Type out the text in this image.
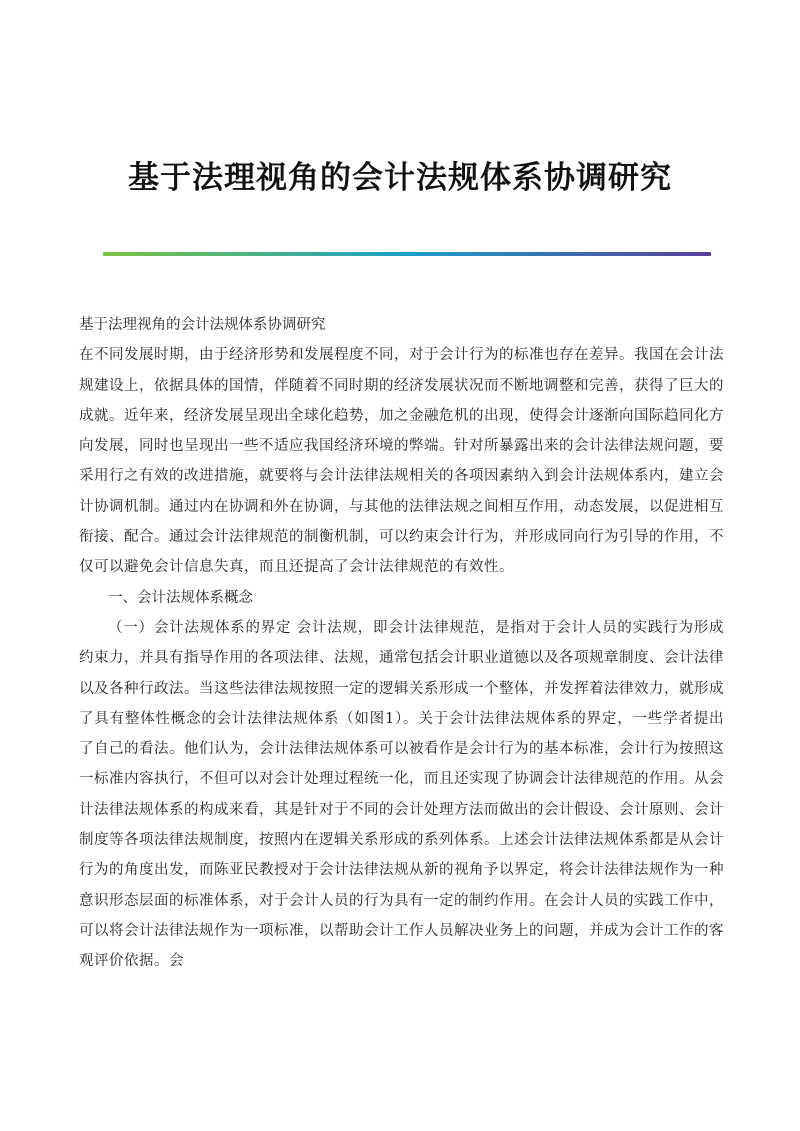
基于法理视角的会计法规体系协调研究

基于法理视角的会计法规体系协调研究

在不同发展时期，由于经济形势和发展程度不同，对于会计行为的标准也存在差异。我国在会计法规建设上，依据具体的国情，伴随着不同时期的经济发展状况而不断地调整和完善，获得了巨大的成就。近年来，经济发展呈现出全球化趋势，加之金融危机的出现，使得会计逐渐向国际趋同化方向发展，同时也呈现出一些不适应我国经济环境的弊端。针对所暴露出来的会计法律法规问题，要采用行之有效的改进措施，就要将与会计法律法规相关的各项因素纳入到会计法规体系内，建立会计协调机制。通过内在协调和外在协调，与其他的法律法规之间相互作用，动态发展，以促进相互衔接、配合。通过会计法律规范的制衡机制，可以约束会计行为，并形成同向行为引导的作用，不仅可以避免会计信息失真，而且还提高了会计法律规范的有效性。

一、会计法规体系概念

（一）会计法规体系的界定 会计法规，即会计法律规范，是指对于会计人员的实践行为形成约束力，并具有指导作用的各项法律、法规，通常包括会计职业道德以及各项规章制度、会计法律以及各种行政法。当这些法律法规按照一定的逻辑关系形成一个整体，并发挥着法律效力，就形成了具有整体性概念的会计法律法规体系（如图1）。关于会计法律法规体系的界定，一些学者提出了自己的看法。他们认为，会计法律法规体系可以被看作是会计行为的基本标准，会计行为按照这一标准内容执行，不但可以对会计处理过程统一化，而且还实现了协调会计法律规范的作用。从会计法律法规体系的构成来看，其是针对于不同的会计处理方法而做出的会计假设、会计原则、会计制度等各项法律法规制度，按照内在逻辑关系形成的系列体系。上述会计法律法规体系都是从会计行为的角度出发，而陈亚民教授对于会计法律法规从新的视角予以界定，将会计法律法规作为一种意识形态层面的标准体系，对于会计人员的行为具有一定的制约作用。在会计人员的实践工作中，可以将会计法律法规作为一项标准，以帮助会计工作人员解决业务上的问题，并成为会计工作的客观评价依据。会
